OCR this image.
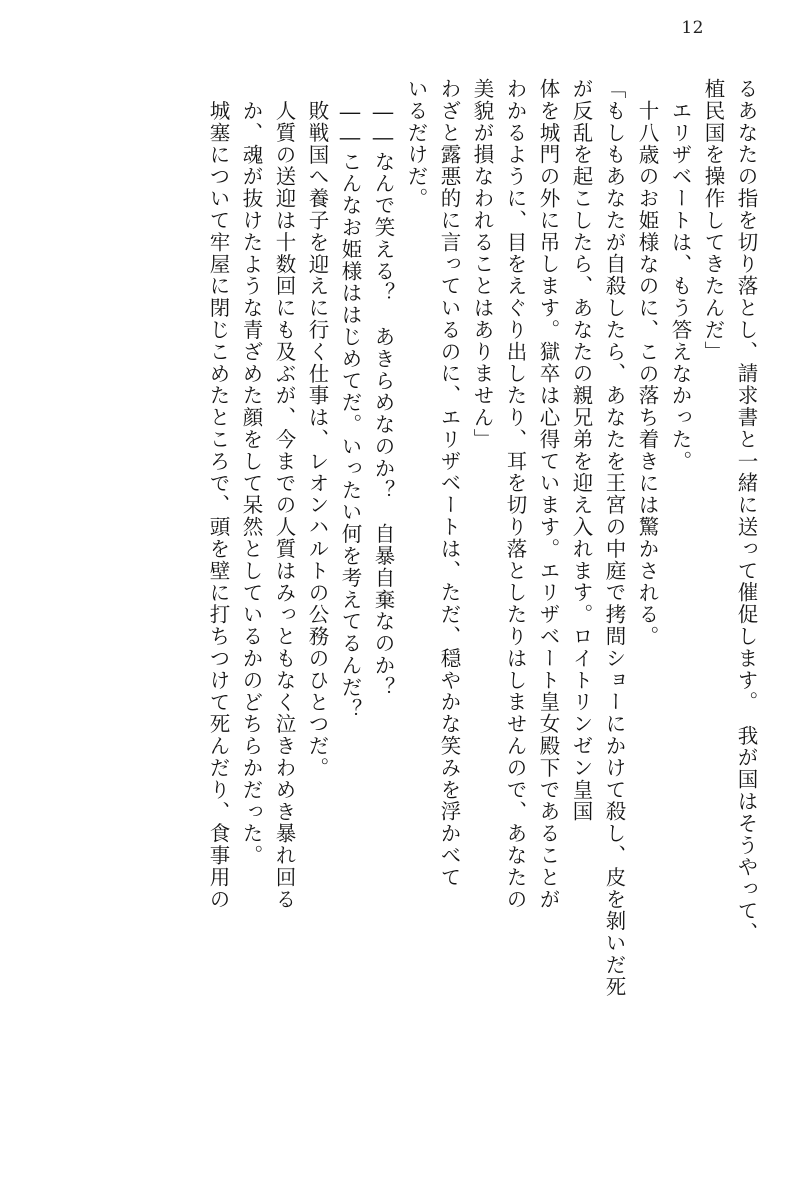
12
るあなたの指を切り落とし、請求書と一緒に送って催促します。　我が国はそうやって、
植民国を操作してきたんだ」
エリザベートは、もう答えなかった。
十八歳のお姫様なのに、この落ち着きには驚かされる。
「もしもあなたが自殺したら、あなたを王宮の中庭で拷問ショーにかけて殺し、皮を剝いだ死
が反乱を起こしたら、あなたの親兄弟を迎え入れます。ロイトリンゼン皇国
体を城門の外に吊します。獄卒は心得ています。エリザベート皇女殿下であることが
わかるように、目をえぐり出したり、耳を切り落としたりはしませんので、あなたの
美貌が損なわれることはありません」
わざと露悪的に言っているのに、エリザベートは、ただ、穏やかな笑みを浮かべて
いるだけだ。
――なんで笑える？　あきらめなのか？　自暴自棄なのか？
――こんなお姫様ははじめてだ。いったい何を考えてるんだ？
敗戦国へ養子を迎えに行く仕事は、レオンハルトの公務のひとつだ。
人質の送迎は十数回にも及ぶが、今までの人質はみっともなく泣きわめき暴れ回る
か、魂が抜けたような青ざめた顔をして呆然としているかのどちらかだった。
城塞について牢屋に閉じこめたところで、頭を壁に打ちつけて死んだり、食事用の
